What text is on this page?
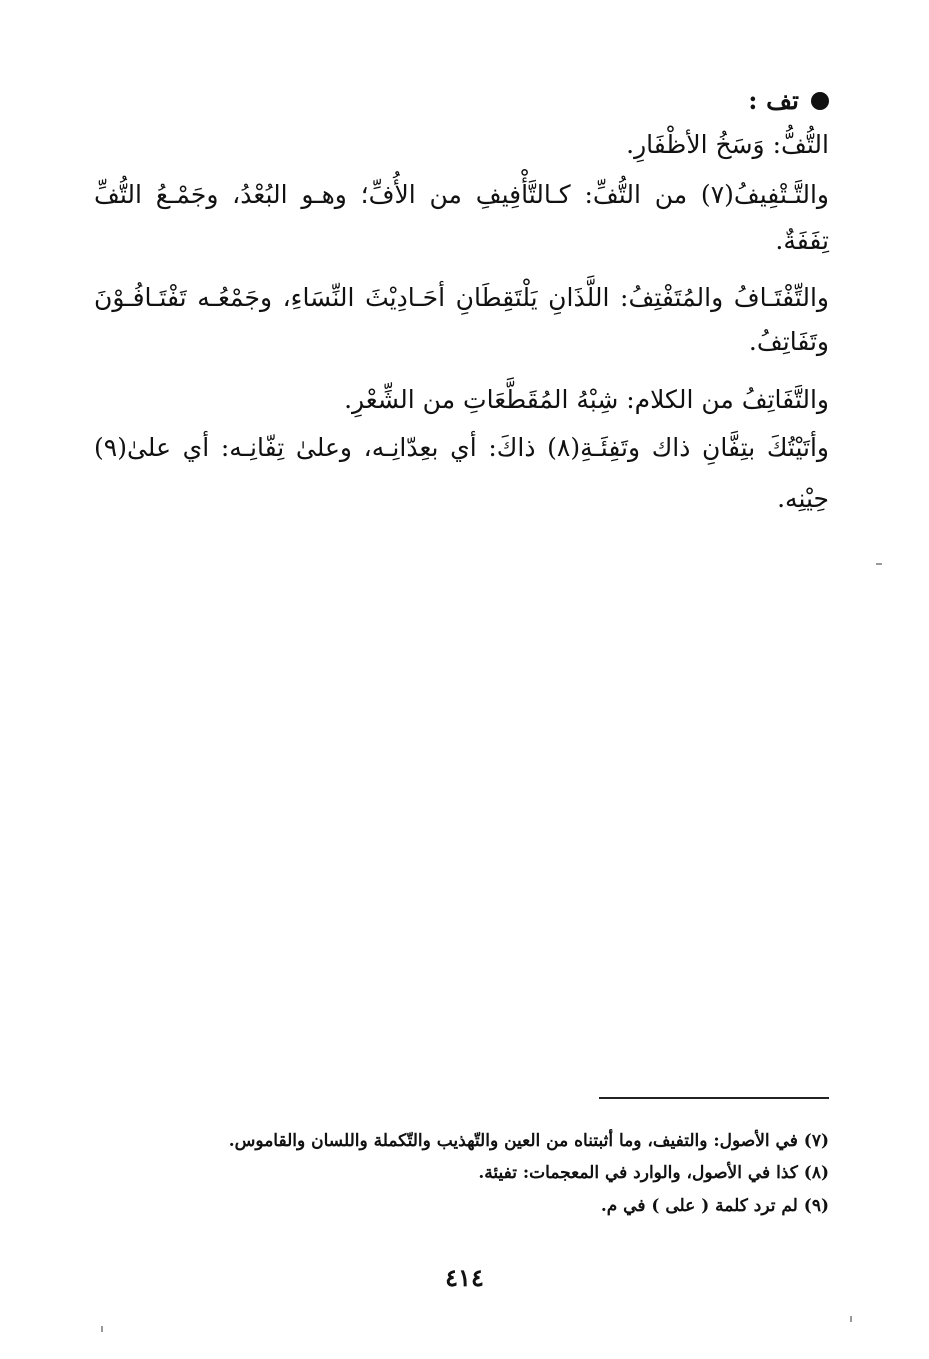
تف :
التُّفُّ: وَسَخُ الأظْفَارِ.
والتَّـتْفِيفُ(٧) من التُّفِّ: كـالتَّأْفِيفِ من الأُفِّ؛ وهـو البُعْدُ، وجَمْـعُ التُّفِّ
تِفَفَةٌ.
والتِّفْتَـافُ والمُتَفْتِفُ: اللَّذَانِ يَلْتَقِطَانِ أحَـادِيْثَ النِّسَاءِ، وجَمْعُـه تَفْتَـافُـوْنَ
وتَفَاتِفُ.
والتَّفَاتِفُ من الكلام: شِبْهُ المُقَطَّعَاتِ من الشِّعْرِ.
وأتَيْتُكَ بتِفَّانِ ذاك وتَفِئَـةِ(٨) ذاكَ: أي بعِدّانِـه، وعلىٰ تِفّانِـه: أي علىٰ(٩)
حِيْنِه.
(٧) في الأصول: والتفيف، وما أثبتناه من العين والتّهذيب والتّكملة واللسان والقاموس.
(٨) كذا في الأصول، والوارد في المعجمات: تفيئة.
(٩) لم ترد كلمة ( على ) في م.
٤١٤
